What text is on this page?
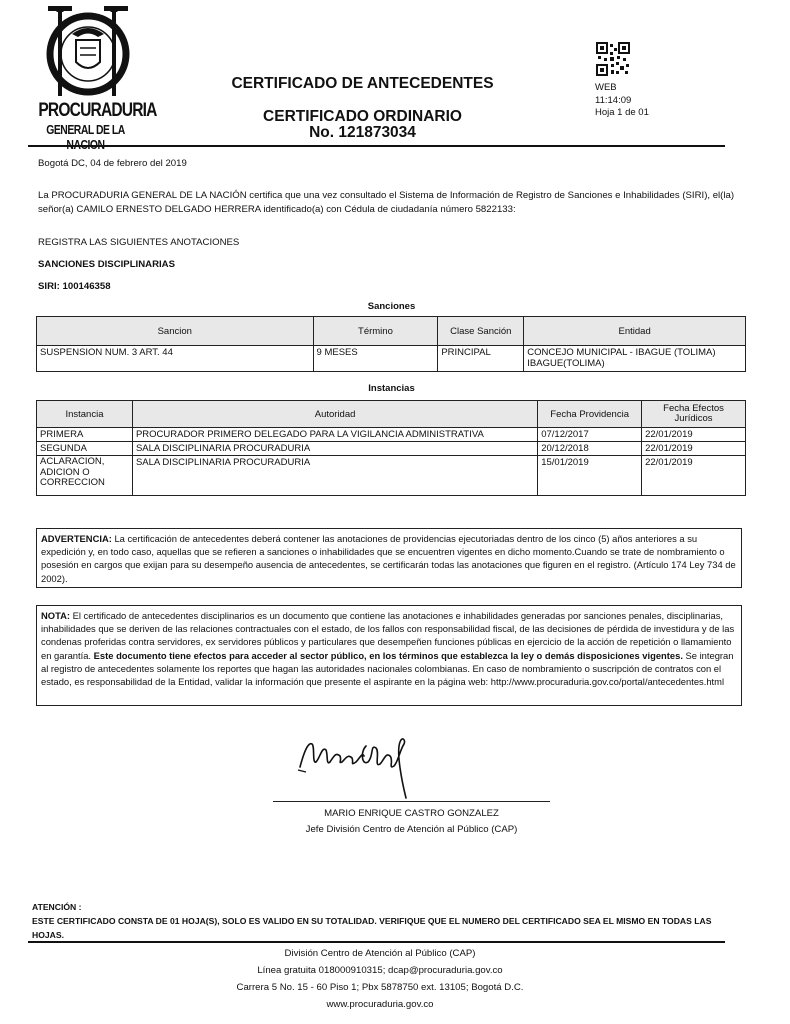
PROCURADURIA
GENERAL DE LA
CERTIFICADO DE ANTECEDENTES
CERTIFICADO ORDINARIO
No. 121873034
WEB
11:14:09
Hoja 1 de 01
Bogotá DC, 04 de febrero del 2019
La PROCURADURIA GENERAL DE LA NACIÓN certifica que una vez consultado el Sistema de Información de Registro de Sanciones e Inhabilidades (SIRI), el(la) señor(a) CAMILO ERNESTO DELGADO HERRERA identificado(a) con Cédula de ciudadanía número 5822133:
REGISTRA LAS SIGUIENTES ANOTACIONES
SANCIONES DISCIPLINARIAS
SIRI: 100146358
Sanciones
Sancion	Término	Clase Sanción	Entidad
SUSPENSION NUM. 3 ART. 44	9 MESES	PRINCIPAL	CONCEJO MUNICIPAL - IBAGUE (TOLIMA)
IBAGUE(TOLIMA)
Instancias
Instancia	Autoridad	Fecha Providencia	Fecha Efectos Jurídicos
PRIMERA	PROCURADOR PRIMERO DELEGADO PARA LA VIGILANCIA ADMINISTRATIVA	07/12/2017	22/01/2019
SEGUNDA	SALA DISCIPLINARIA PROCURADURIA	20/12/2018	22/01/2019
ACLARACION, ADICION O CORRECCION	SALA DISCIPLINARIA PROCURADURIA	15/01/2019	22/01/2019
ADVERTENCIA: La certificación de antecedentes deberá contener las anotaciones de providencias ejecutoriadas dentro de los cinco (5) años anteriores a su expedición y, en todo caso, aquellas que se refieren a sanciones o inhabilidades que se encuentren vigentes en dicho momento.Cuando se trate de nombramiento o posesión en cargos que exijan para su desempeño ausencia de antecedentes, se certificarán todas las anotaciones que figuren en el registro. (Artículo 174 Ley 734 de 2002).
NOTA: El certificado de antecedentes disciplinarios es un documento que contiene las anotaciones e inhabilidades generadas por sanciones penales, disciplinarias, inhabilidades que se deriven de las relaciones contractuales con el estado, de los fallos con responsabilidad fiscal, de las decisiones de pérdida de investidura y de las condenas proferidas contra servidores, ex servidores públicos y particulares que desempeñen funciones públicas en ejercicio de la acción de repetición o llamamiento en garantía. Este documento tiene efectos para acceder al sector público, en los términos que establezca la ley o demás disposiciones vigentes. Se integran al registro de antecedentes solamente los reportes que hagan las autoridades nacionales colombianas. En caso de nombramiento o suscripción de contratos con el estado, es responsabilidad de la Entidad, validar la información que presente el aspirante en la página web: http://www.procuraduria.gov.co/portal/antecedentes.html
MARIO ENRIQUE CASTRO GONZALEZ
Jefe División Centro de Atención al Público (CAP)
ATENCIÓN :
ESTE CERTIFICADO CONSTA DE 01 HOJA(S), SOLO ES VALIDO EN SU TOTALIDAD. VERIFIQUE QUE EL NUMERO DEL CERTIFICADO SEA EL MISMO EN TODAS LAS HOJAS.
División Centro de Atención al Público (CAP)
Línea gratuita 018000910315; dcap@procuraduria.gov.co
Carrera 5 No. 15 - 60 Piso 1; Pbx 5878750 ext. 13105; Bogotá D.C.
www.procuraduria.gov.co
